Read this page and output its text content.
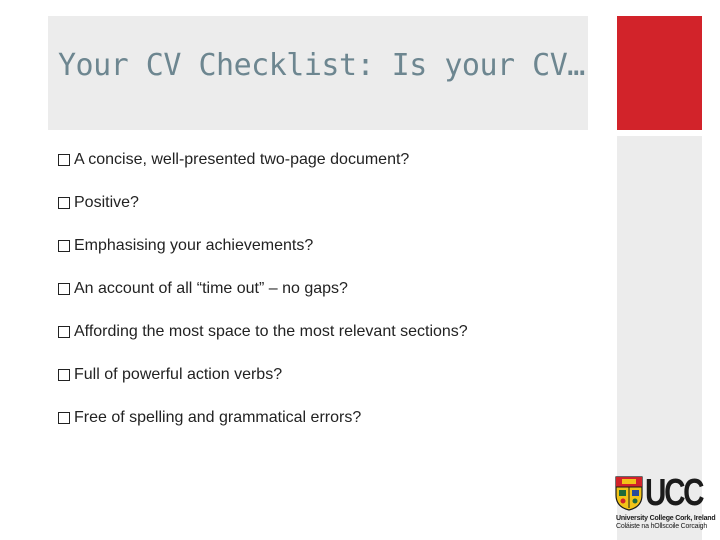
Your CV Checklist: Is your CV…
A concise, well-presented two-page document?
Positive?
Emphasising your achievements?
An account of all “time out” – no gaps?
Affording the most space to the most relevant sections?
Full of powerful action verbs?
Free of spelling and grammatical errors?
UCC
University College Cork, Ireland
Coláiste na hOllscoile Corcaigh
